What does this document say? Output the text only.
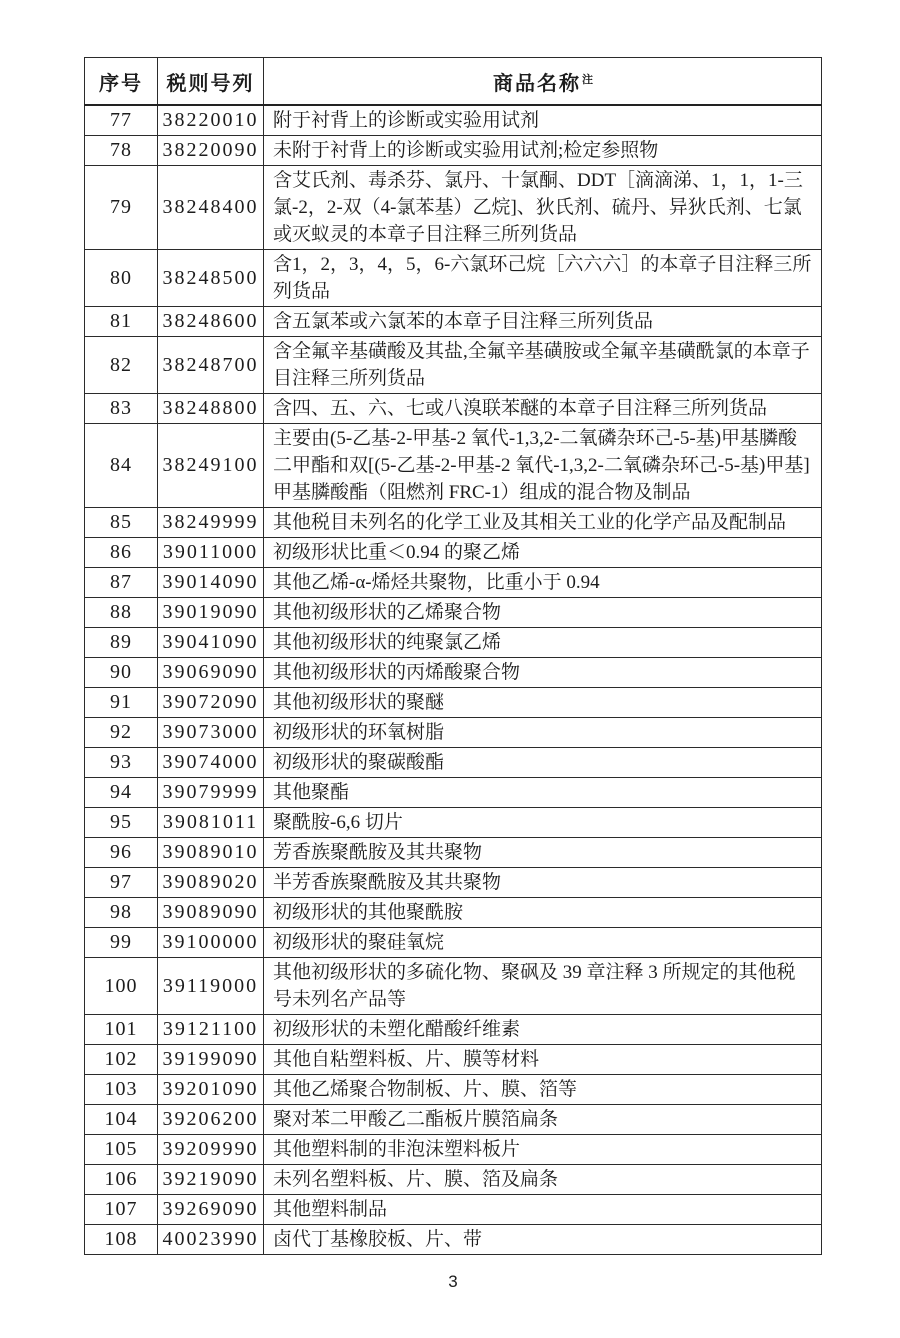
序号	税则号列	商品名称$^注$
77	38220010	附于衬背上的诊断或实验用试剂
78	38220090	未附于衬背上的诊断或实验用试剂;检定参照物
79	38248400	含艾氏剂、毒杀芬、氯丹、十氯酮、DDT［滴滴涕、1，1，1-三氯-2，2-双（4-氯苯基）乙烷]、狄氏剂、硫丹、异狄氏剂、七氯或灭蚁灵的本章子目注释三所列货品
80	38248500	含1，2，3，4，5，6-六氯环己烷［六六六］的本章子目注释三所列货品
81	38248600	含五氯苯或六氯苯的本章子目注释三所列货品
82	38248700	含全氟辛基磺酸及其盐,全氟辛基磺胺或全氟辛基磺酰氯的本章子目注释三所列货品
83	38248800	含四、五、六、七或八溴联苯醚的本章子目注释三所列货品
84	38249100	主要由(5-乙基-2-甲基-2 氧代-1,3,2-二氧磷杂环己-5-基)甲基膦酸二甲酯和双[(5-乙基-2-甲基-2 氧代-1,3,2-二氧磷杂环己-5-基)甲基]甲基膦酸酯（阻燃剂 FRC-1）组成的混合物及制品
85	38249999	其他税目未列名的化学工业及其相关工业的化学产品及配制品
86	39011000	初级形状比重＜0.94 的聚乙烯
87	39014090	其他乙烯-α-烯烃共聚物，比重小于 0.94
88	39019090	其他初级形状的乙烯聚合物
89	39041090	其他初级形状的纯聚氯乙烯
90	39069090	其他初级形状的丙烯酸聚合物
91	39072090	其他初级形状的聚醚
92	39073000	初级形状的环氧树脂
93	39074000	初级形状的聚碳酸酯
94	39079999	其他聚酯
95	39081011	聚酰胺-6,6 切片
96	39089010	芳香族聚酰胺及其共聚物
97	39089020	半芳香族聚酰胺及其共聚物
98	39089090	初级形状的其他聚酰胺
99	39100000	初级形状的聚硅氧烷
100	39119000	其他初级形状的多硫化物、聚砜及 39 章注释 3 所规定的其他税号未列名产品等
101	39121100	初级形状的未塑化醋酸纤维素
102	39199090	其他自粘塑料板、片、膜等材料
103	39201090	其他乙烯聚合物制板、片、膜、箔等
104	39206200	聚对苯二甲酸乙二酯板片膜箔扁条
105	39209990	其他塑料制的非泡沫塑料板片
106	39219090	未列名塑料板、片、膜、箔及扁条
107	39269090	其他塑料制品
108	40023990	卤代丁基橡胶板、片、带
3
